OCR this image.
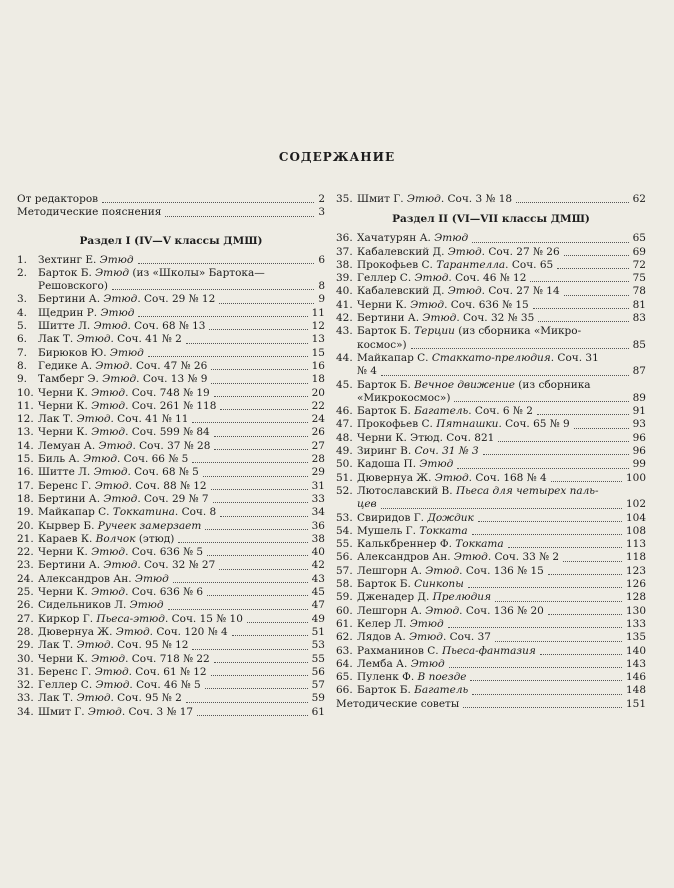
СОДЕРЖАНИЕ
От редакторов	2
Методические пояснения	3
Раздел I (IV—V классы ДМШ)
1. Зехтинг Е. Этюд	6
2. Барток Б. Этюд (из «Школы» Бартока—
Решовского)	8
3. Бертини А. Этюд. Соч. 29 № 12	9
4. Щедрин Р. Этюд	11
5. Шитте Л. Этюд. Соч. 68 № 13	12
6. Лак Т. Этюд. Соч. 41 № 2	13
7. Бирюков Ю. Этюд	15
8. Гедике А. Этюд. Соч. 47 № 26	16
9. Тамберг Э. Этюд. Соч. 13 № 9	18
10. Черни К. Этюд. Соч. 748 № 19	20
11. Черни К. Этюд. Соч. 261 № 118	22
12. Лак Т. Этюд. Соч. 41 № 11	24
13. Черни К. Этюд. Соч. 599 № 84	26
14. Лемуан А. Этюд. Соч. 37 № 28	27
15. Биль А. Этюд. Соч. 66 № 5	28
16. Шитте Л. Этюд. Соч. 68 № 5	29
17. Беренс Г. Этюд. Соч. 88 № 12	31
18. Бертини А. Этюд. Соч. 29 № 7	33
19. Майкапар С. Токкатина. Соч. 8	34
20. Кырвер Б. Ручеек замерзает	36
21. Караев К. Волчок (этюд)	38
22. Черни К. Этюд. Соч. 636 № 5	40
23. Бертини А. Этюд. Соч. 32 № 27	42
24. Александров Ан. Этюд	43
25. Черни К. Этюд. Соч. 636 № 6	45
26. Сидельников Л. Этюд	47
27. Киркор Г. Пьеса-этюд. Соч. 15 № 10	49
28. Дювернуа Ж. Этюд. Соч. 120 № 4	51
29. Лак Т. Этюд. Соч. 95 № 12	53
30. Черни К. Этюд. Соч. 718 № 22	55
31. Беренс Г. Этюд. Соч. 61 № 12	56
32. Геллер С. Этюд. Соч. 46 № 5	57
33. Лак Т. Этюд. Соч. 95 № 2	59
34. Шмит Г. Этюд. Соч. 3 № 17	61
35. Шмит Г. Этюд. Соч. 3 № 18	62
Раздел II (VI—VII классы ДМШ)
36. Хачатурян А. Этюд	65
37. Кабалевский Д. Этюд. Соч. 27 № 26	69
38. Прокофьев С. Тарантелла. Соч. 65	72
39. Геллер С. Этюд. Соч. 46 № 12	75
40. Кабалевский Д. Этюд. Соч. 27 № 14	78
41. Черни К. Этюд. Соч. 636 № 15	81
42. Бертини А. Этюд. Соч. 32 № 35	83
43. Барток Б. Терции (из сборника «Микро-
космос»)	85
44. Майкапар С. Стаккато-прелюдия. Соч. 31
№ 4	87
45. Барток Б. Вечное движение (из сборника
«Микрокосмос»)	89
46. Барток Б. Багатель. Соч. 6 № 2	91
47. Прокофьев С. Пятнашки. Соч. 65 № 9	93
48. Черни К. Этюд. Соч. 821	96
49. Зиринг В. Соч. 31 № 3	96
50. Кадоша П. Этюд	99
51. Дювернуа Ж. Этюд. Соч. 168 № 4	100
52. Лютославский В. Пьеса для четырех паль-
цев	102
53. Свиридов Г. Дождик	104
54. Мушель Г. Токката	108
55. Калькбреннер Ф. Токката	113
56. Александров Ан. Этюд. Соч. 33 № 2	118
57. Лешгорн А. Этюд. Соч. 136 № 15	123
58. Барток Б. Синкопы	126
59. Дженадер Д. Прелюдия	128
60. Лешгорн А. Этюд. Соч. 136 № 20	130
61. Келер Л. Этюд	133
62. Лядов А. Этюд. Соч. 37	135
63. Рахманинов С. Пьеса-фантазия	140
64. Лемба А. Этюд	143
65. Пуленк Ф. В поезде	146
66. Барток Б. Багатель	148
Методические советы	151
